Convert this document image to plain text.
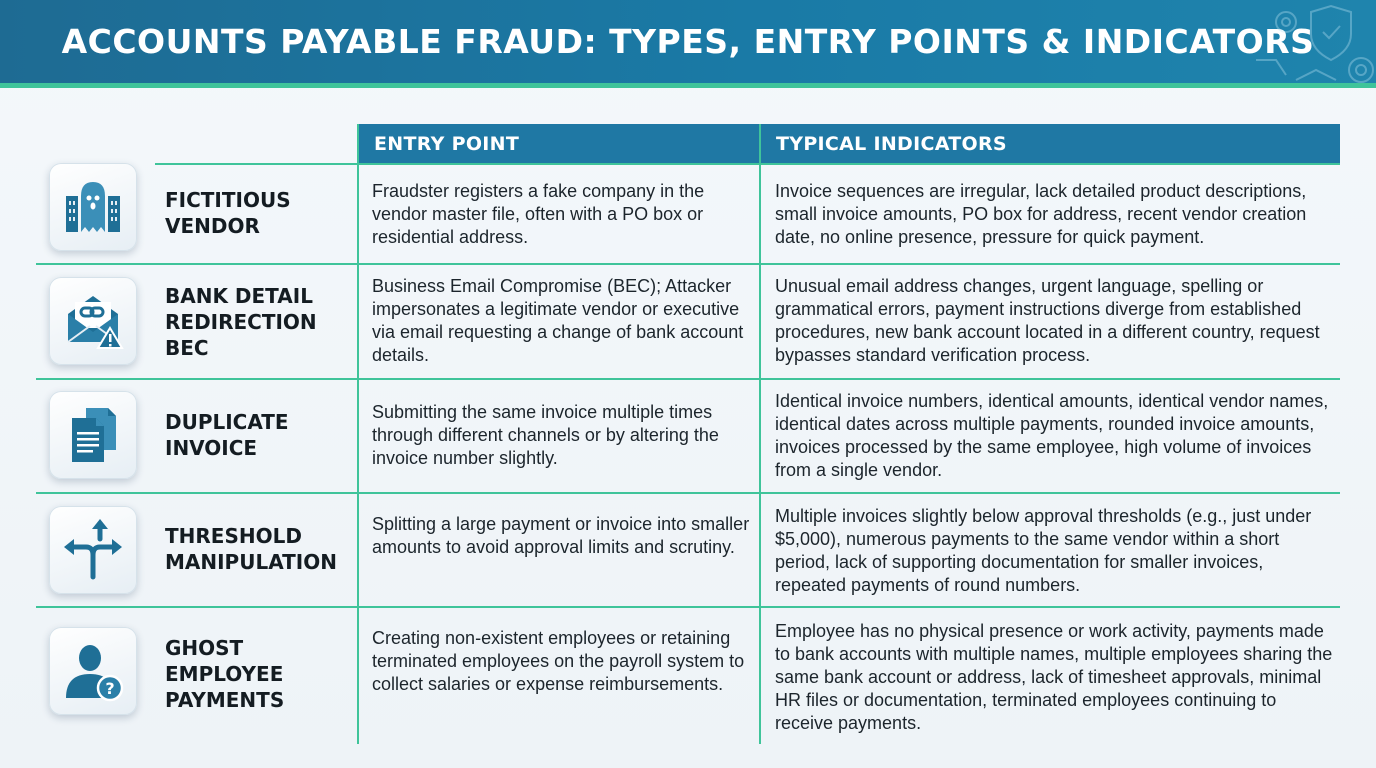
ACCOUNTS PAYABLE FRAUD: TYPES, ENTRY POINTS & INDICATORS
ENTRY POINT	TYPICAL INDICATORS
FICTITIOUS
VENDOR
Fraudster registers a fake company in the vendor master file, often with a PO box or residential address.
Invoice sequences are irregular, lack detailed product descriptions, small invoice amounts, PO box for address, recent vendor creation date, no online presence, pressure for quick payment.
BANK DETAIL
REDIRECTION
BEC
Business Email Compromise (BEC); Attacker impersonates a legitimate vendor or executive via email requesting a change of bank account details.
Unusual email address changes, urgent language, spelling or grammatical errors, payment instructions diverge from established procedures, new bank account located in a different country, request bypasses standard verification process.
DUPLICATE
INVOICE
Submitting the same invoice multiple times through different channels or by altering the invoice number slightly.
Identical invoice numbers, identical amounts, identical vendor names, identical dates across multiple payments, rounded invoice amounts, invoices processed by the same employee, high volume of invoices from a single vendor.
THRESHOLD
MANIPULATION
Splitting a large payment or invoice into smaller amounts to avoid approval limits and scrutiny.
Multiple invoices slightly below approval thresholds (e.g., just under $5,000), numerous payments to the same vendor within a short period, lack of supporting documentation for smaller invoices, repeated payments of round numbers.
?
GHOST
EMPLOYEE
PAYMENTS
Creating non-existent employees or retaining terminated employees on the payroll system to collect salaries or expense reimbursements.
Employee has no physical presence or work activity, payments made to bank accounts with multiple names, multiple employees sharing the same bank account or address, lack of timesheet approvals, minimal HR files or documentation, terminated employees continuing to receive payments.
